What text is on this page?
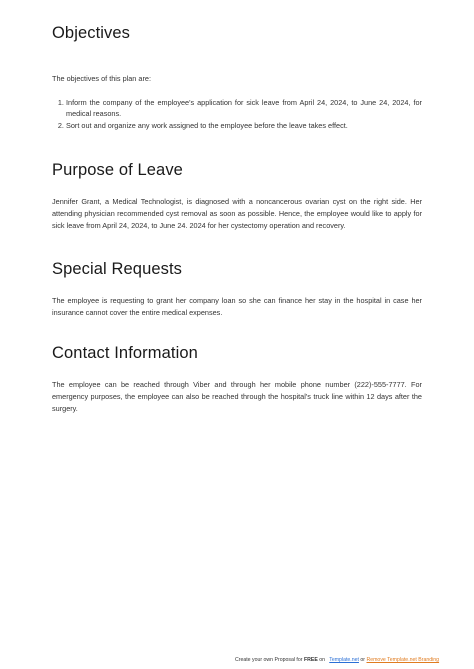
Objectives

The objectives of this plan are:

1. Inform the company of the employee's application for sick leave from April 24, 2024, to June 24, 2024, for medical reasons.
2. Sort out and organize any work assigned to the employee before the leave takes effect.
Purpose of Leave

Jennifer Grant, a Medical Technologist, is diagnosed with a noncancerous ovarian cyst on the right side. Her attending physician recommended cyst removal as soon as possible. Hence, the employee would like to apply for sick leave from April 24, 2024, to June 24. 2024 for her cystectomy operation and recovery.

Special Requests

The employee is requesting to grant her company loan so she can finance her stay in the hospital in case her insurance cannot cover the entire medical expenses.

Contact Information

The employee can be reached through Viber and through her mobile phone number (222)-555-7777. For emergency purposes, the employee can also be reached through the hospital's truck line within 12 days after the surgery.

Create your own Proposal for FREE on Template.net or Remove Template.net Branding
